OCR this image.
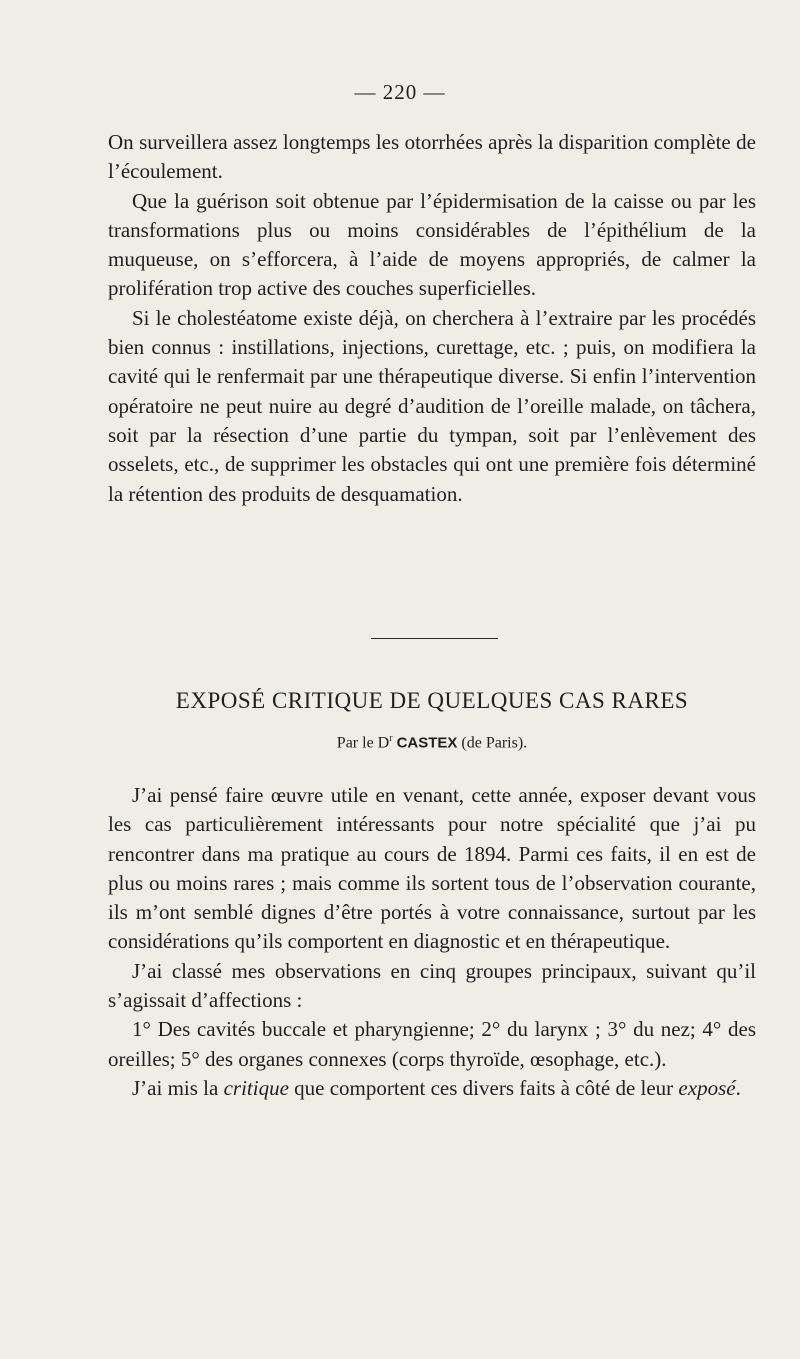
— 220 —

On surveillera assez longtemps les otorrhées après la disparition complète de l’écoulement.

Que la guérison soit obtenue par l’épidermisation de la caisse ou par les transformations plus ou moins considérables de l’épithélium de la muqueuse, on s’efforcera, à l’aide de moyens appropriés, de calmer la prolifération trop active des couches superficielles.

Si le cholestéatome existe déjà, on cherchera à l’extraire par les procédés bien connus : instillations, injections, curettage, etc. ; puis, on modifiera la cavité qui le renfermait par une thérapeutique diverse. Si enfin l’intervention opératoire ne peut nuire au degré d’audition de l’oreille malade, on tâchera, soit par la résection d’une partie du tympan, soit par l’enlèvement des osselets, etc., de supprimer les obstacles qui ont une première fois déterminé la rétention des produits de desquamation.

EXPOSÉ CRITIQUE DE QUELQUES CAS RARES
Par le $D^r$ CASTEX (de Paris).

J’ai pensé faire œuvre utile en venant, cette année, exposer devant vous les cas particulièrement intéressants pour notre spécialité que j’ai pu rencontrer dans ma pratique au cours de 1894. Parmi ces faits, il en est de plus ou moins rares ; mais comme ils sortent tous de l’observation courante, ils m’ont semblé dignes d’être portés à votre connaissance, surtout par les considérations qu’ils comportent en diagnostic et en thérapeutique.

J’ai classé mes observations en cinq groupes principaux, suivant qu’il s’agissait d’affections :

1° Des cavités buccale et pharyngienne; 2° du larynx ; 3° du nez; 4° des oreilles; 5° des organes connexes (corps thyroïde, œsophage, etc.).

J’ai mis la critique que comportent ces divers faits à côté de leur exposé.
